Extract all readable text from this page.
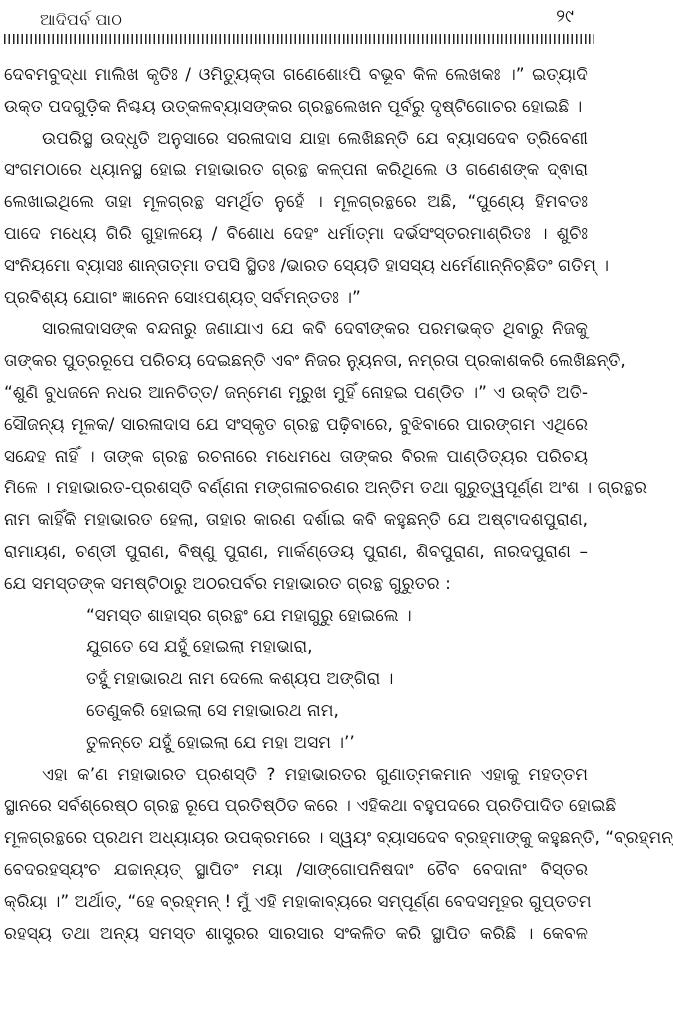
ଆଦିପର୍ବ ପାଠ	୨୯
ଦେବମବୁଦ୍ଧା ମାଲିଖ କୃତିଃ / ଓମିତ୍ୟୁକ୍ତା ଗଣେଶୋଽପି ବଭୂବ କିଳ ଲେଖକଃ ।” ଇତ୍ୟାଦି
ଉକ୍ତ ପଦଗୁଡ଼ିକ ନିଶ୍ଚୟ ଉତ୍କଳବ୍ୟାସଙ୍କର ଗ୍ରନ୍ଥଲେଖନ ପୂର୍ବରୁ ଦୃଷ୍ଟିଗୋଚର ହୋଇଛି ।
ଉପରିସ୍ଥ ଉଦ୍ଧୃତି ଅନୁସାରେ ସରଳାଦାସ ଯାହା ଲେଖିଛନ୍ତି ଯେ ବ୍ୟାସଦେବ ତ୍ରିବେଣୀ
ସଂଗମଠାରେ ଧ୍ୟାନସ୍ଥ ହୋଇ ମହାଭାରତ ଗ୍ରନ୍ଥ କଳ୍ପନା କରିଥିଲେ ଓ ଗଣେଶଙ୍କ ଦ୍ଵାରା
ଲେଖାଇଥିଲେ ତାହା ମୂଳଗ୍ରନ୍ଥ ସମର୍ଥିତ ନୁହେଁ । ମୂଳଗ୍ରନ୍ଥରେ ଅଛି, “ପୁଣ୍ୟେ ହିମବତଃ
ପାଦେ ମଧ୍ୟେ ଗିରି ଗୁହାଳୟେ / ବିଶୋଧ ଦେହଂ ଧର୍ମାତ୍ମା ଦର୍ଭସଂସ୍ତରମାଶ୍ରିତଃ । ଶୁଚିଃ
ସଂନିୟମୋ ବ୍ୟାସଃ ଶାନ୍ତାତ୍ମା ତପସି ସ୍ଥିତଃ /ଭାରତ ସ୍ୟେତି ହାସସ୍ୟ ଧର୍ମେଣାନ୍ନିଚ୍ଛିତଂ ଗତିମ୍ ।
ପ୍ରବିଶ୍ୟ ଯୋଗଂ ଜ୍ଞାନେନ ସୋଽପଶ୍ୟତ୍ ସର୍ବମନ୍ତତଃ ।”
ସାରଳାଦାସଙ୍କ ବନ୍ଦନାରୁ ଜଣାଯାଏ ଯେ କବି ଦେବୀଙ୍କର ପରମଭକ୍ତ ଥିବାରୁ ନିଜକୁ
ତାଙ୍କର ପୁତ୍ରରୂପେ ପରିଚୟ ଦେଇଛନ୍ତି ଏବଂ ନିଜର ନ୍ୟୁନତା, ନମ୍ରତା ପ୍ରକାଶକରି ଲେଖିଛନ୍ତି,
“ଶୁଣି ବୁଧଜନେ ନଧର ଆନଚିତ୍ତ/ ଜନ୍ମେଣ ମୂରୁଖ ମୁହିଁ ନୋହଇ ପଣ୍ଡିତ ।” ଏ ଉକ୍ତି ଅତି-
ସୌଜନ୍ୟ ମୂଳକ/ ସାରଳାଦାସ ଯେ ସଂସ୍କୃତ ଗ୍ରନ୍ଥ ପଢ଼ିବାରେ, ବୁଝିବାରେ ପାରଙ୍ଗମ ଏଥିରେ
ସନ୍ଦେହ ନାହିଁ । ତାଙ୍କ ଗ୍ରନ୍ଥ ରଚନାରେ ମଧେମଧେ ତାଙ୍କର ବିରଳ ପାଣ୍ଡିତ୍ୟର ପରିଚୟ
ମିଳେ । ମହାଭାରତ-ପ୍ରଶସ୍ତି ବର୍ଣ୍ଣନା ମଙ୍ଗଳାଚରଣର ଅନ୍ତିମ ତଥା ଗୁରୁତ୍ୱପୂର୍ଣ୍ଣ ଅଂଶ । ଗ୍ରନ୍ଥର
ନାମ କାହିଁକି ମହାଭାରତ ହେଲା, ତାହାର କାରଣ ଦର୍ଶାଇ କବି କହୁଛନ୍ତି ଯେ ଅଷ୍ଟାଦଶପୁରାଣ,
ରାମାୟଣ, ଚଣ୍ଡୀ ପୁରାଣ, ବିଷ୍ଣୁ ପୁରାଣ, ମାର୍କଣ୍ଡେୟ ପୁରାଣ, ଶିବପୁରାଣ, ନାରଦପୁରାଣ –
ଯେ ସମସ୍ତଙ୍କ ସମଷ୍ଟିଠାରୁ ଅଠରପର୍ବର ମହାଭାରତ ଗ୍ରନ୍ଥ ଗୁରୁତର :
“ସମସ୍ତ ଶାହାସ୍ର ଗ୍ରନ୍ଥଂ ଯେ ମହାଗୁରୁ ହୋଇଲେ ।
ଯୁଗତେ ସେ ଯହୁଁ ହୋଇଲା ମହାଭାରା,
ତହୁଁ ମହାଭାରଥ ନାମ ଦେଲେ କଶ୍ୟପ ଅଙ୍ଗିରା ।
ତେଣୁକରି ହୋଇଲା ସେ ମହାଭାରଥ ନାମ,
ତୁଳନ୍ତେ ଯହୁଁ ହୋଇଲା ଯେ ମହା ଅସମ ।’’
ଏହା କ’ଣ ମହାଭାରତ ପ୍ରଶସ୍ତି ? ମହାଭାରତର ଗୁଣାତ୍ମକମାନ ଏହାକୁ ମହତ୍ତମ
ସ୍ଥାନରେ ସର୍ବଶ୍ରେଷ୍ଠ ଗ୍ରନ୍ଥ ରୂପେ ପ୍ରତିଷ୍ଠିତ କରେ । ଏହିକଥା ବହୁପଦରେ ପ୍ରତିପାଦିତ ହୋଇଛି
ମୂଳଗ୍ରନ୍ଥରେ ପ୍ରଥମ ଅଧ୍ୟାୟର ଉପକ୍ରମରେ । ସ୍ୱୟଂ ବ୍ୟାସଦେବ ବ୍ରହ୍ମାଙ୍କୁ କହୁଛନ୍ତି, “ବ୍ରହ୍ମନ୍
ବେଦରହସ୍ୟଂଚ ଯଚ୍ଚାନ୍ୟତ୍ ସ୍ଥାପିତଂ ମୟା /ସାଙ୍ଗୋପନିଷଦାଂ ଚୈବ ବେଦାନାଂ ବିସ୍ତର
କ୍ରିୟା ।” ଅର୍ଥାତ୍, “ହେ ବ୍ରହ୍ମନ୍ ! ମୁଁ ଏହି ମହାକାବ୍ୟରେ ସମ୍ପୂର୍ଣ୍ଣ ବେଦସମୂହର ଗୁପ୍ତତମ
ରହସ୍ୟ ତଥା ଅନ୍ୟ ସମସ୍ତ ଶାସ୍ତ୍ରର ସାରସାର ସଂକଳିତ କରି ସ୍ଥାପିତ କରିଛି । କେବଳ
